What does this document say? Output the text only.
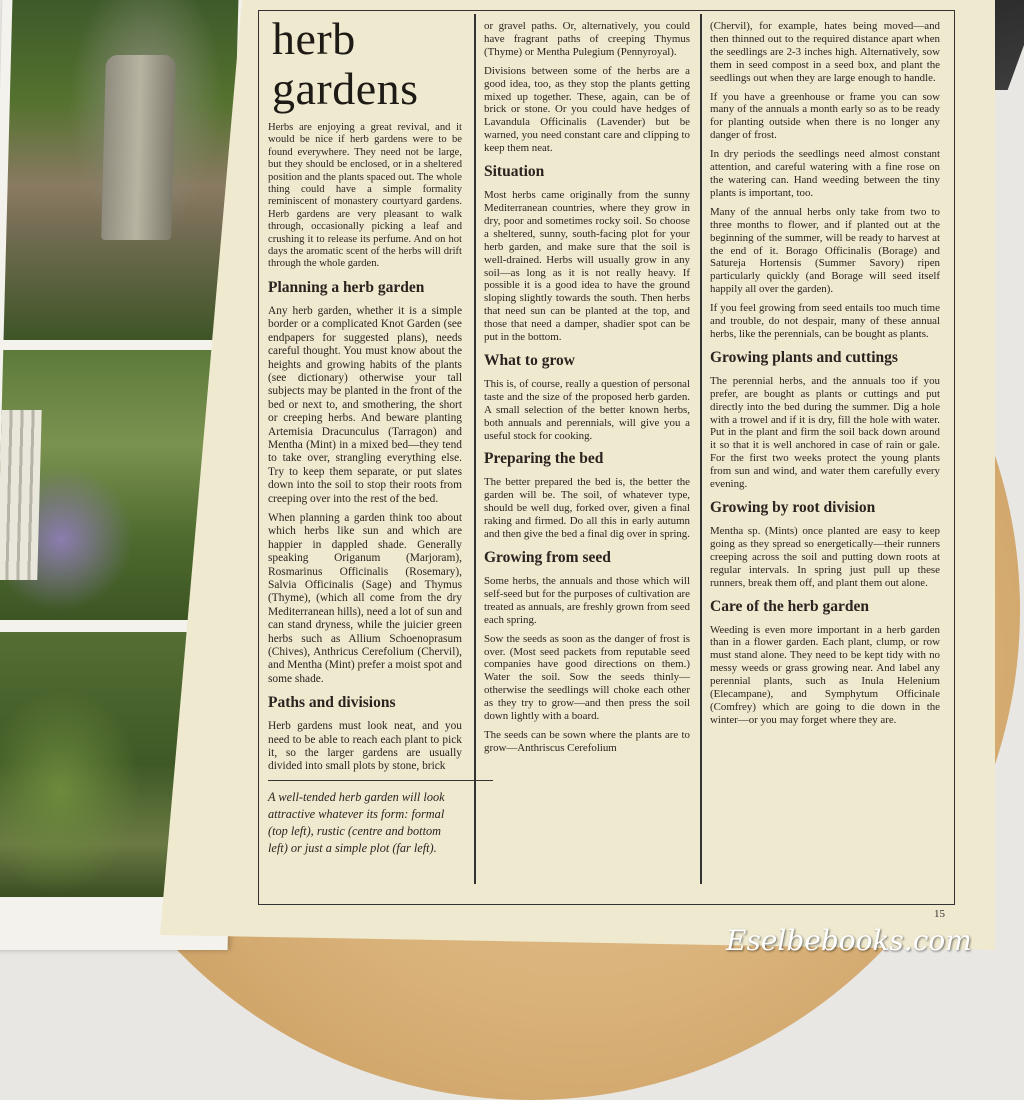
herb
gardens

Herbs are enjoying a great revival, and it would be nice if herb gardens were to be found everywhere. They need not be large, but they should be enclosed, or in a sheltered position and the plants spaced out. The whole thing could have a simple formality reminiscent of monastery courtyard gardens. Herb gardens are very pleasant to walk through, occasionally picking a leaf and crushing it to release its perfume. And on hot days the aromatic scent of the herbs will drift through the whole garden.

Planning a herb garden

Any herb garden, whether it is a simple border or a complicated Knot Garden (see endpapers for suggested plans), needs careful thought. You must know about the heights and growing habits of the plants (see dictionary) otherwise your tall subjects may be planted in the front of the bed or next to, and smothering, the short or creeping herbs. And beware planting Artemisia Dracunculus (Tarragon) and Mentha (Mint) in a mixed bed—they tend to take over, strangling everything else. Try to keep them separate, or put slates down into the soil to stop their roots from creeping over into the rest of the bed.

When planning a garden think too about which herbs like sun and which are happier in dappled shade. Generally speaking Origanum (Marjoram), Rosmarinus Officinalis (Rosemary), Salvia Officinalis (Sage) and Thymus (Thyme), (which all come from the dry Mediterranean hills), need a lot of sun and can stand dryness, while the juicier green herbs such as Allium Schoenoprasum (Chives), Anthricus Cerefolium (Chervil), and Mentha (Mint) prefer a moist spot and some shade.

Paths and divisions

Herb gardens must look neat, and you need to be able to reach each plant to pick it, so the larger gardens are usually divided into small plots by stone, brick

A well-tended herb garden will look attractive whatever its form: formal (top left), rustic (centre and bottom left) or just a simple plot (far left).

or gravel paths. Or, alternatively, you could have fragrant paths of creeping Thymus (Thyme) or Mentha Pulegium (Pennyroyal).

Divisions between some of the herbs are a good idea, too, as they stop the plants getting mixed up together. These, again, can be of brick or stone. Or you could have hedges of Lavandula Officinalis (Lavender) but be warned, you need constant care and clipping to keep them neat.

Situation

Most herbs came originally from the sunny Mediterranean countries, where they grow in dry, poor and sometimes rocky soil. So choose a sheltered, sunny, south-facing plot for your herb garden, and make sure that the soil is well-drained. Herbs will usually grow in any soil—as long as it is not really heavy. If possible it is a good idea to have the ground sloping slightly towards the south. Then herbs that need sun can be planted at the top, and those that need a damper, shadier spot can be put in the bottom.

What to grow

This is, of course, really a question of personal taste and the size of the proposed herb garden. A small selection of the better known herbs, both annuals and perennials, will give you a useful stock for cooking.

Preparing the bed

The better prepared the bed is, the better the garden will be. The soil, of whatever type, should be well dug, forked over, given a final raking and firmed. Do all this in early autumn and then give the bed a final dig over in spring.

Growing from seed

Some herbs, the annuals and those which will self-seed but for the purposes of cultivation are treated as annuals, are freshly grown from seed each spring.

Sow the seeds as soon as the danger of frost is over. (Most seed packets from reputable seed companies have good directions on them.) Water the soil. Sow the seeds thinly—otherwise the seedlings will choke each other as they try to grow—and then press the soil down lightly with a board.

The seeds can be sown where the plants are to grow—Anthriscus Cerefolium

(Chervil), for example, hates being moved—and then thinned out to the required distance apart when the seedlings are 2-3 inches high. Alternatively, sow them in seed compost in a seed box, and plant the seedlings out when they are large enough to handle.

If you have a greenhouse or frame you can sow many of the annuals a month early so as to be ready for planting outside when there is no longer any danger of frost.

In dry periods the seedlings need almost constant attention, and careful watering with a fine rose on the watering can. Hand weeding between the tiny plants is important, too.

Many of the annual herbs only take from two to three months to flower, and if planted out at the beginning of the summer, will be ready to harvest at the end of it. Borago Officinalis (Borage) and Satureja Hortensis (Summer Savory) ripen particularly quickly (and Borage will seed itself happily all over the garden).

If you feel growing from seed entails too much time and trouble, do not despair, many of these annual herbs, like the perennials, can be bought as plants.

Growing plants and cuttings

The perennial herbs, and the annuals too if you prefer, are bought as plants or cuttings and put directly into the bed during the summer. Dig a hole with a trowel and if it is dry, fill the hole with water. Put in the plant and firm the soil back down around it so that it is well anchored in case of rain or gale. For the first two weeks protect the young plants from sun and wind, and water them carefully every evening.

Growing by root division

Mentha sp. (Mints) once planted are easy to keep going as they spread so energetically—their runners creeping across the soil and putting down roots at regular intervals. In spring just pull up these runners, break them off, and plant them out alone.

Care of the herb garden

Weeding is even more important in a herb garden than in a flower garden. Each plant, clump, or row must stand alone. They need to be kept tidy with no messy weeds or grass growing near. And label any perennial plants, such as Inula Helenium (Elecampane), and Symphytum Officinale (Comfrey) which are going to die down in the winter—or you may forget where they are.

15
Eselbebooks.com
